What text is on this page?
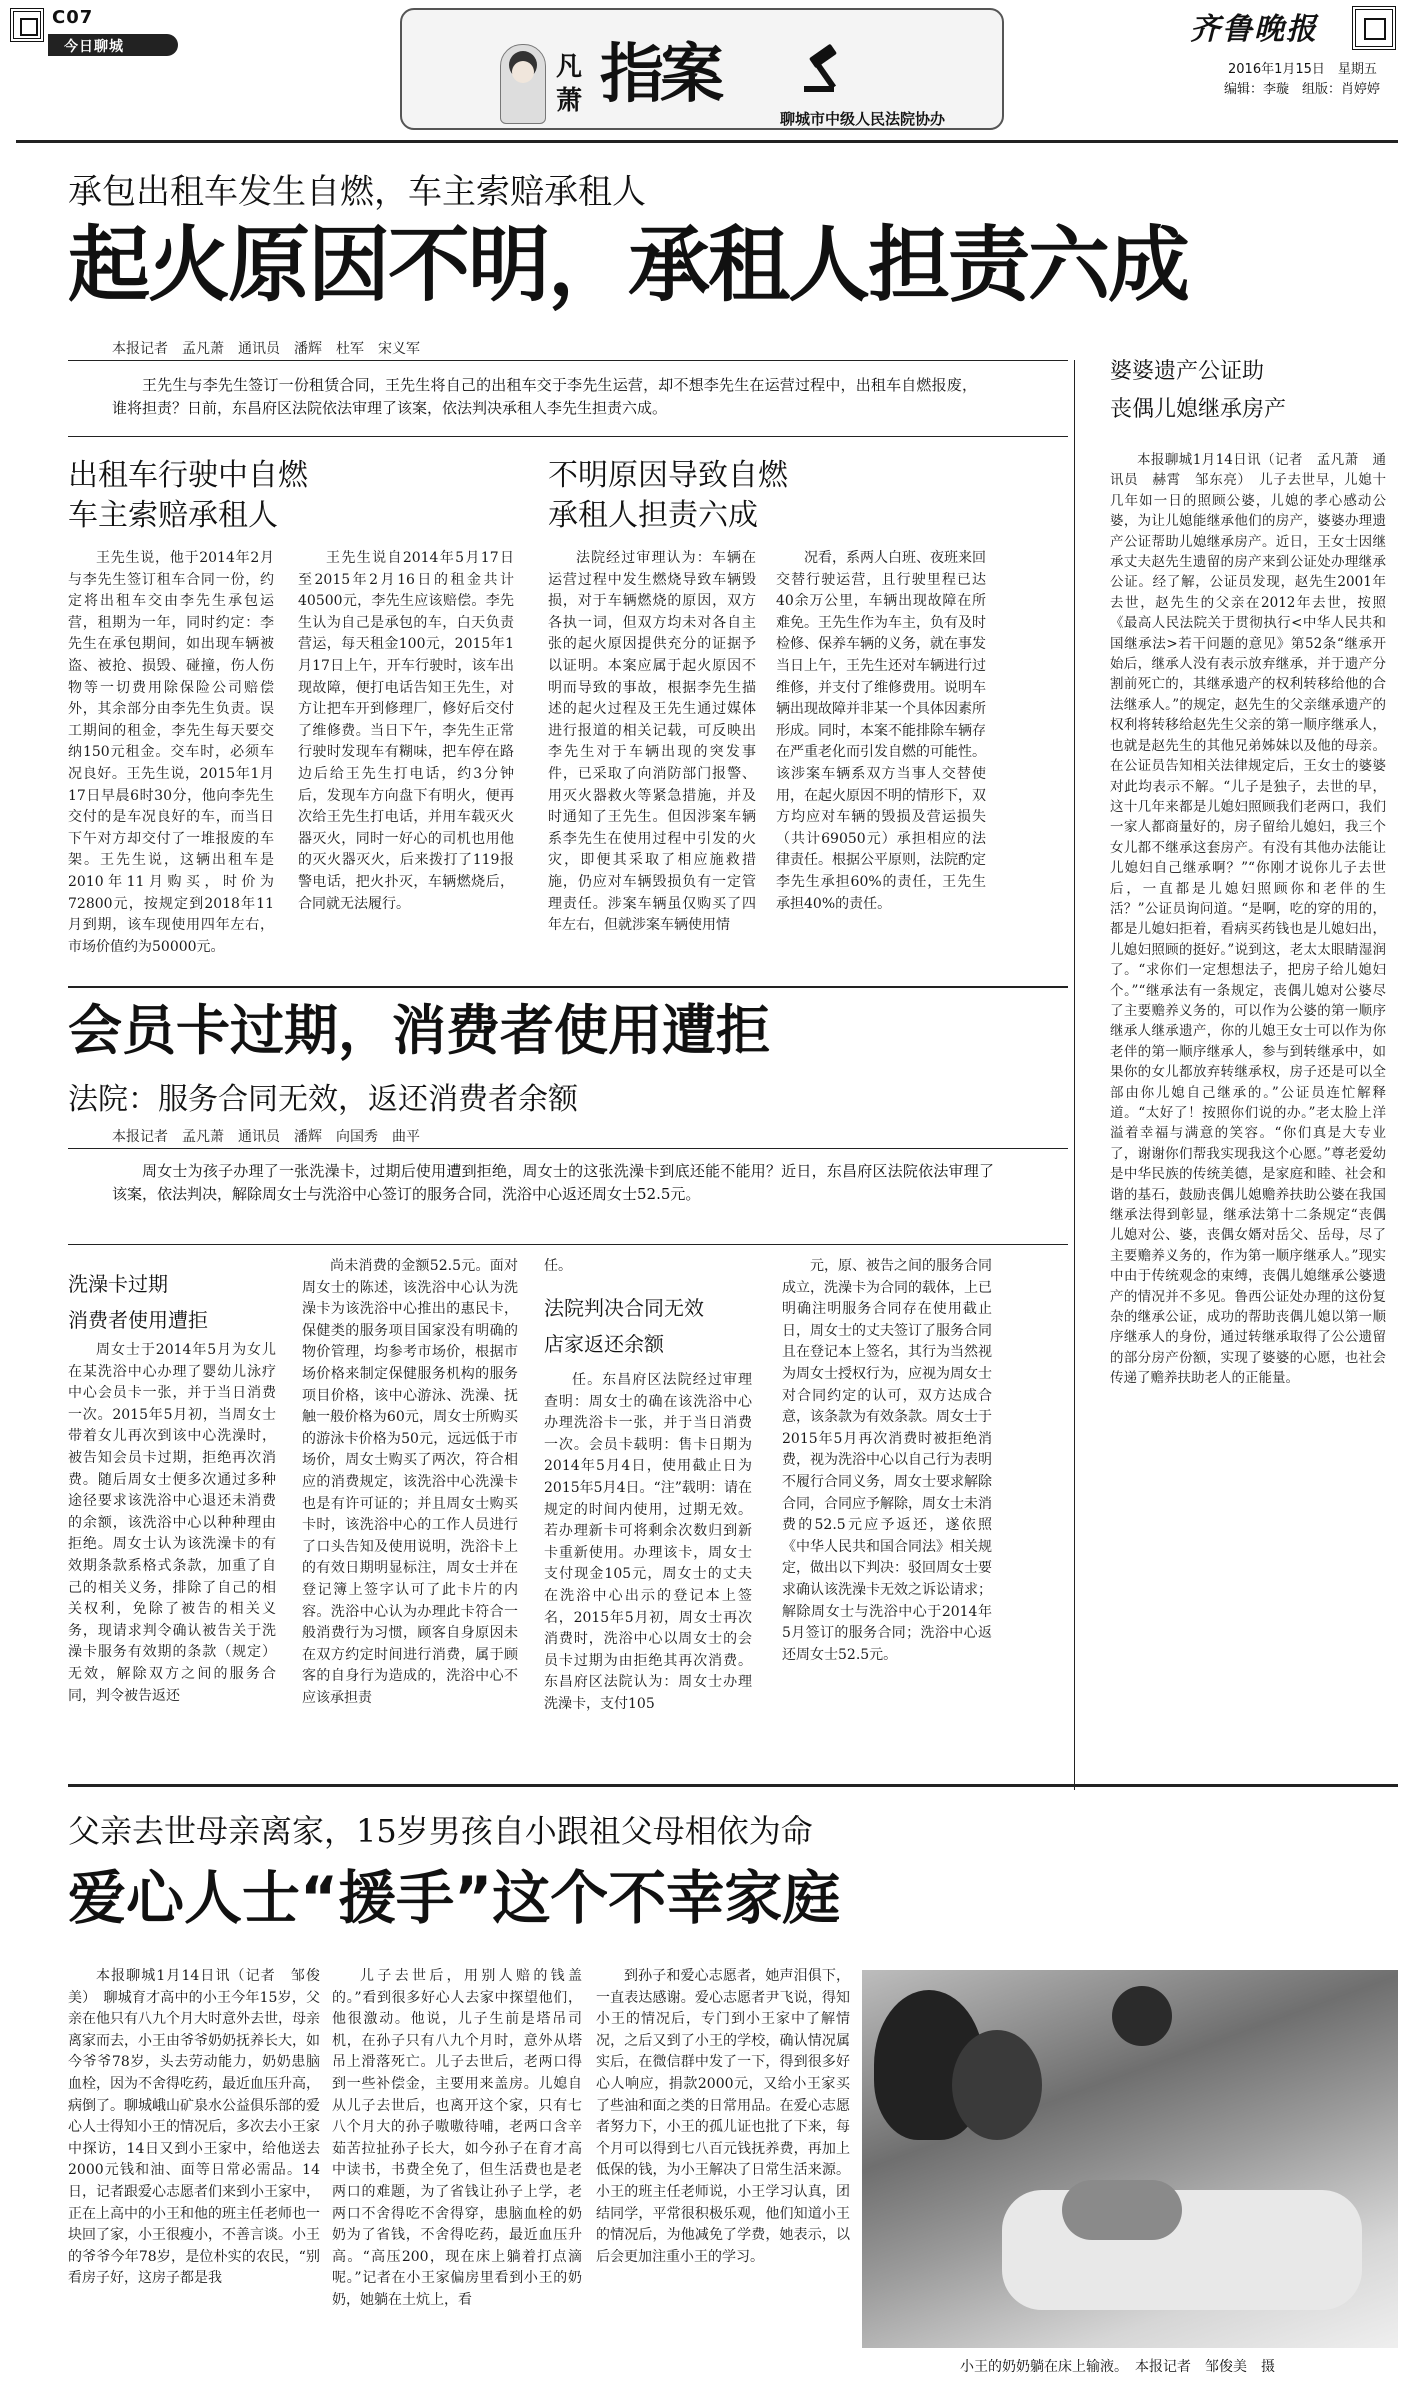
C07
今日聊城
凡
萧 指案
聊城市中级人民法院协办
齐鲁晚报
2016年1月15日　星期五
编辑：李璇　组版：肖婷婷
承包出租车发生自燃，车主索赔承租人
起火原因不明，承租人担责六成
本报记者　孟凡萧　通讯员　潘辉　杜军　宋义军
王先生与李先生签订一份租赁合同，王先生将自己的出租车交于李先生运营，却不想李先生在运营过程中，出租车自燃报废，谁将担责？日前，东昌府区法院依法审理了该案，依法判决承租人李先生担责六成。
出租车行驶中自燃
车主索赔承租人
不明原因导致自燃
承租人担责六成
王先生说，他于2014年2月与李先生签订租车合同一份，约定将出租车交由李先生承包运营，租期为一年，同时约定：李先生在承包期间，如出现车辆被盗、被抢、损毁、碰撞，伤人伤物等一切费用除保险公司赔偿外，其余部分由李先生负责。误工期间的租金，李先生每天要交纳150元租金。交车时，必须车况良好。王先生说，2015年1月17日早晨6时30分，他向李先生交付的是车况良好的车，而当日下午对方却交付了一堆报废的车架。王先生说，这辆出租车是2010年11月购买，时价为72800元，按规定到2018年11月到期，该车现使用四年左右，市场价值约为50000元。
王先生说自2014年5月17日至2015年2月16日的租金共计40500元，李先生应该赔偿。李先生认为自己是承包的车，白天负责营运，每天租金100元，2015年1月17日上午，开车行驶时，该车出现故障，便打电话告知王先生，对方让把车开到修理厂，修好后交付了维修费。当日下午，李先生正常行驶时发现车有糊味，把车停在路边后给王先生打电话，约3分钟后，发现车方向盘下有明火，便再次给王先生打电话，并用车载灭火器灭火，同时一好心的司机也用他的灭火器灭火，后来拨打了119报警电话，把火扑灭，车辆燃烧后，合同就无法履行。
法院经过审理认为：车辆在运营过程中发生燃烧导致车辆毁损，对于车辆燃烧的原因，双方各执一词，但双方均未对各自主张的起火原因提供充分的证据予以证明。本案应属于起火原因不明而导致的事故，根据李先生描述的起火过程及王先生通过媒体进行报道的相关记载，可反映出李先生对于车辆出现的突发事件，已采取了向消防部门报警、用灭火器救火等紧急措施，并及时通知了王先生。但因涉案车辆系李先生在使用过程中引发的火灾，即便其采取了相应施救措施，仍应对车辆毁损负有一定管理责任。涉案车辆虽仅购买了四年左右，但就涉案车辆使用情
况看，系两人白班、夜班来回交替行驶运营，且行驶里程已达40余万公里，车辆出现故障在所难免。王先生作为车主，负有及时检修、保养车辆的义务，就在事发当日上午，王先生还对车辆进行过维修，并支付了维修费用。说明车辆出现故障并非某一个具体因素所形成。同时，本案不能排除车辆存在严重老化而引发自燃的可能性。该涉案车辆系双方当事人交替使用，在起火原因不明的情形下，双方均应对车辆的毁损及营运损失（共计69050元）承担相应的法律责任。根据公平原则，法院酌定李先生承担60%的责任，王先生承担40%的责任。
婆婆遗产公证助
丧偶儿媳继承房产
本报聊城1月14日讯（记者　孟凡萧　通讯员　赫霄　邹东亮）　儿子去世早，儿媳十几年如一日的照顾公婆，儿媳的孝心感动公婆，为让儿媳能继承他们的房产，婆婆办理遗产公证帮助儿媳继承房产。近日，王女士因继承丈夫赵先生遗留的房产来到公证处办理继承公证。经了解，公证员发现，赵先生2001年去世，赵先生的父亲在2012年去世，按照《最高人民法院关于贯彻执行<中华人民共和国继承法>若干问题的意见》第52条“继承开始后，继承人没有表示放弃继承，并于遗产分割前死亡的，其继承遗产的权利转移给他的合法继承人。”的规定，赵先生的父亲继承遗产的权利将转移给赵先生父亲的第一顺序继承人，也就是赵先生的其他兄弟姊妹以及他的母亲。在公证员告知相关法律规定后，王女士的婆婆对此均表示不解。“儿子是独子，去世的早，这十几年来都是儿媳妇照顾我们老两口，我们一家人都商量好的，房子留给儿媳妇，我三个女儿都不继承这套房产。有没有其他办法能让儿媳妇自己继承啊？”“你刚才说你儿子去世后，一直都是儿媳妇照顾你和老伴的生活？”公证员询问道。“是啊，吃的穿的用的，都是儿媳妇拒着，看病买药钱也是儿媳妇出，儿媳妇照顾的挺好。”说到这，老太太眼睛湿润了。“求你们一定想想法子，把房子给儿媳妇个。”“继承法有一条规定，丧偶儿媳对公婆尽了主要赡养义务的，可以作为公婆的第一顺序继承人继承遗产，你的儿媳王女士可以作为你老伴的第一顺序继承人，参与到转继承中，如果你的女儿都放弃转继承权，房子还是可以全部由你儿媳自己继承的。”公证员连忙解释道。“太好了！按照你们说的办。”老太脸上洋溢着幸福与满意的笑容。“你们真是大专业了，谢谢你们帮我实现我这个心愿。”尊老爱幼是中华民族的传统美德，是家庭和睦、社会和谐的基石，鼓励丧偶儿媳赡养扶助公婆在我国继承法得到彰显，继承法第十二条规定“丧偶儿媳对公、婆，丧偶女婿对岳父、岳母，尽了主要赡养义务的，作为第一顺序继承人。”现实中由于传统观念的束缚，丧偶儿媳继承公婆遗产的情况并不多见。鲁西公证处办理的这份复杂的继承公证，成功的帮助丧偶儿媳以第一顺序继承人的身份，通过转继承取得了公公遗留的部分房产份额，实现了婆婆的心愿，也社会传递了赡养扶助老人的正能量。
会员卡过期，消费者使用遭拒
法院：服务合同无效，返还消费者余额
本报记者　孟凡萧　通讯员　潘辉　向国秀　曲平
周女士为孩子办理了一张洗澡卡，过期后使用遭到拒绝，周女士的这张洗澡卡到底还能不能用？近日，东昌府区法院依法审理了该案，依法判决，解除周女士与洗浴中心签订的服务合同，洗浴中心返还周女士52.5元。
洗澡卡过期
消费者使用遭拒
周女士于2014年5月为女儿在某洗浴中心办理了婴幼儿泳疗中心会员卡一张，并于当日消费一次。2015年5月初，当周女士带着女儿再次到该中心洗澡时，被告知会员卡过期，拒绝再次消费。随后周女士便多次通过多种途径要求该洗浴中心退还未消费的余额，该洗浴中心以种种理由拒绝。周女士认为该洗澡卡的有效期条款系格式条款，加重了自己的相关义务，排除了自己的相关权利，免除了被告的相关义务，现请求判令确认被告关于洗澡卡服务有效期的条款（规定）无效，解除双方之间的服务合同，判令被告返还
尚未消费的金额52.5元。面对周女士的陈述，该洗浴中心认为洗澡卡为该洗浴中心推出的惠民卡，保健类的服务项目国家没有明确的物价管理，均参考市场价，根据市场价格来制定保健服务机构的服务项目价格，该中心游泳、洗澡、抚触一般价格为60元，周女士所购买的游泳卡价格为50元，远远低于市场价，周女士购买了两次，符合相应的消费规定，该洗浴中心洗澡卡也是有许可证的；并且周女士购买卡时，该洗浴中心的工作人员进行了口头告知及使用说明，洗浴卡上的有效日期明显标注，周女士并在登记簿上签字认可了此卡片的内容。洗浴中心认为办理此卡符合一般消费行为习惯，顾客自身原因未在双方约定时间进行消费，属于顾客的自身行为造成的，洗浴中心不应该承担责
任。
法院判决合同无效
店家返还余额
任。东昌府区法院经过审理查明：周女士的确在该洗浴中心办理洗浴卡一张，并于当日消费一次。会员卡载明：售卡日期为2014年5月4日，使用截止日为2015年5月4日。“注”载明：请在规定的时间内使用，过期无效。若办理新卡可将剩余次数归到新卡重新使用。办理该卡，周女士支付现金105元，周女士的丈夫在洗浴中心出示的登记本上签名，2015年5月初，周女士再次消费时，洗浴中心以周女士的会员卡过期为由拒绝其再次消费。东昌府区法院认为：周女士办理洗澡卡，支付105
元，原、被告之间的服务合同成立，洗澡卡为合同的载体，上已明确注明服务合同存在使用截止日，周女士的丈夫签订了服务合同且在登记本上签名，其行为当然视为周女士授权行为，应视为周女士对合同约定的认可，双方达成合意，该条款为有效条款。周女士于2015年5月再次消费时被拒绝消费，视为洗浴中心以自己行为表明不履行合同义务，周女士要求解除合同，合同应予解除，周女士未消费的52.5元应予返还，遂依照《中华人民共和国合同法》相关规定，做出以下判决：驳回周女士要求确认该洗澡卡无效之诉讼请求；解除周女士与洗浴中心于2014年5月签订的服务合同；洗浴中心返还周女士52.5元。
父亲去世母亲离家，15岁男孩自小跟祖父母相依为命
爱心人士“援手”这个不幸家庭
本报聊城1月14日讯（记者　邹俊美）　聊城育才高中的小王今年15岁，父亲在他只有八九个月大时意外去世，母亲离家而去，小王由爷爷奶奶抚养长大，如今爷爷78岁，头去劳动能力，奶奶患脑血栓，因为不舍得吃药，最近血压升高，病倒了。聊城峨山矿泉水公益俱乐部的爱心人士得知小王的情况后，多次去小王家中探访，14日又到小王家中，给他送去2000元钱和油、面等日常必需品。14日，记者跟爱心志愿者们来到小王家中，正在上高中的小王和他的班主任老师也一块回了家，小王很瘦小，不善言谈。小王的爷爷今年78岁，是位朴实的农民，“别看房子好，这房子都是我
儿子去世后，用别人赔的钱盖的。”看到很多好心人去家中探望他们，他很激动。他说，儿子生前是塔吊司机，在孙子只有八九个月时，意外从塔吊上滑落死亡。儿子去世后，老两口得到一些补偿金，主要用来盖房。儿媳自从儿子去世后，也离开这个家，只有七八个月大的孙子嗷嗷待哺，老两口含辛茹苦拉扯孙子长大，如今孙子在育才高中读书，书费全免了，但生活费也是老两口的难题，为了省钱让孙子上学，老两口不舍得吃不舍得穿，患脑血栓的奶奶为了省钱，不舍得吃药，最近血压升高。“高压200，现在床上躺着打点滴呢。”记者在小王家偏房里看到小王的奶奶，她躺在土炕上，看
到孙子和爱心志愿者，她声泪俱下，一直表达感谢。爱心志愿者尹飞说，得知小王的情况后，专门到小王家中了解情况，之后又到了小王的学校，确认情况属实后，在微信群中发了一下，得到很多好心人响应，捐款2000元，又给小王家买了些油和面之类的日常用品。在爱心志愿者努力下，小王的孤儿证也批了下来，每个月可以得到七八百元钱抚养费，再加上低保的钱，为小王解决了日常生活来源。小王的班主任老师说，小王学习认真，团结同学，平常很积极乐观，他们知道小王的情况后，为他减免了学费，她表示，以后会更加注重小王的学习。
小王的奶奶躺在床上输液。　本报记者　邹俊美　摄
